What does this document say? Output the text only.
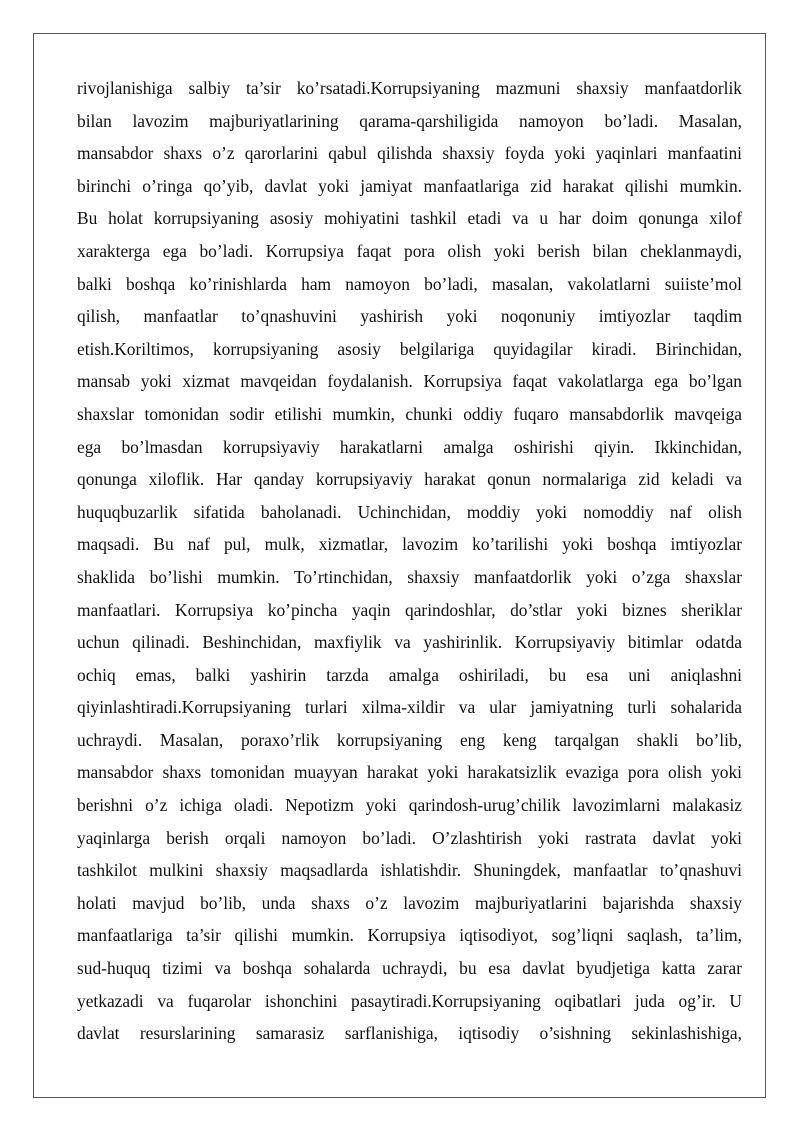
rivojlanishiga salbiy ta’sir ko’rsatadi.Korrupsiyaning mazmuni shaxsiy manfaatdorlik
bilan lavozim majburiyatlarining qarama-qarshiligida namoyon bo’ladi. Masalan,
mansabdor shaxs o’z qarorlarini qabul qilishda shaxsiy foyda yoki yaqinlari manfaatini
birinchi o’ringa qo’yib, davlat yoki jamiyat manfaatlariga zid harakat qilishi mumkin.
Bu holat korrupsiyaning asosiy mohiyatini tashkil etadi va u har doim qonunga xilof
xarakterga ega bo’ladi. Korrupsiya faqat pora olish yoki berish bilan cheklanmaydi,
balki boshqa ko’rinishlarda ham namoyon bo’ladi, masalan, vakolatlarni suiiste’mol
qilish, manfaatlar to’qnashuvini yashirish yoki noqonuniy imtiyozlar taqdim
etish.Koriltimos, korrupsiyaning asosiy belgilariga quyidagilar kiradi. Birinchidan,
mansab yoki xizmat mavqeidan foydalanish. Korrupsiya faqat vakolatlarga ega bo’lgan
shaxslar tomonidan sodir etilishi mumkin, chunki oddiy fuqaro mansabdorlik mavqeiga
ega bo’lmasdan korrupsiyaviy harakatlarni amalga oshirishi qiyin. Ikkinchidan,
qonunga xiloflik. Har qanday korrupsiyaviy harakat qonun normalariga zid keladi va
huquqbuzarlik sifatida baholanadi. Uchinchidan, moddiy yoki nomoddiy naf olish
maqsadi. Bu naf pul, mulk, xizmatlar, lavozim ko’tarilishi yoki boshqa imtiyozlar
shaklida bo’lishi mumkin. To’rtinchidan, shaxsiy manfaatdorlik yoki o’zga shaxslar
manfaatlari. Korrupsiya ko’pincha yaqin qarindoshlar, do’stlar yoki biznes sheriklar
uchun qilinadi. Beshinchidan, maxfiylik va yashirinlik. Korrupsiyaviy bitimlar odatda
ochiq emas, balki yashirin tarzda amalga oshiriladi, bu esa uni aniqlashni
qiyinlashtiradi.Korrupsiyaning turlari xilma-xildir va ular jamiyatning turli sohalarida
uchraydi. Masalan, poraxo’rlik korrupsiyaning eng keng tarqalgan shakli bo’lib,
mansabdor shaxs tomonidan muayyan harakat yoki harakatsizlik evaziga pora olish yoki
berishni o’z ichiga oladi. Nepotizm yoki qarindosh-urug’chilik lavozimlarni malakasiz
yaqinlarga berish orqali namoyon bo’ladi. O’zlashtirish yoki rastrata davlat yoki
tashkilot mulkini shaxsiy maqsadlarda ishlatishdir. Shuningdek, manfaatlar to’qnashuvi
holati mavjud bo’lib, unda shaxs o’z lavozim majburiyatlarini bajarishda shaxsiy
manfaatlariga ta’sir qilishi mumkin. Korrupsiya iqtisodiyot, sog’liqni saqlash, ta’lim,
sud-huquq tizimi va boshqa sohalarda uchraydi, bu esa davlat byudjetiga katta zarar
yetkazadi va fuqarolar ishonchini pasaytiradi.Korrupsiyaning oqibatlari juda og’ir. U
davlat resurslarining samarasiz sarflanishiga, iqtisodiy o’sishning sekinlashishiga,
